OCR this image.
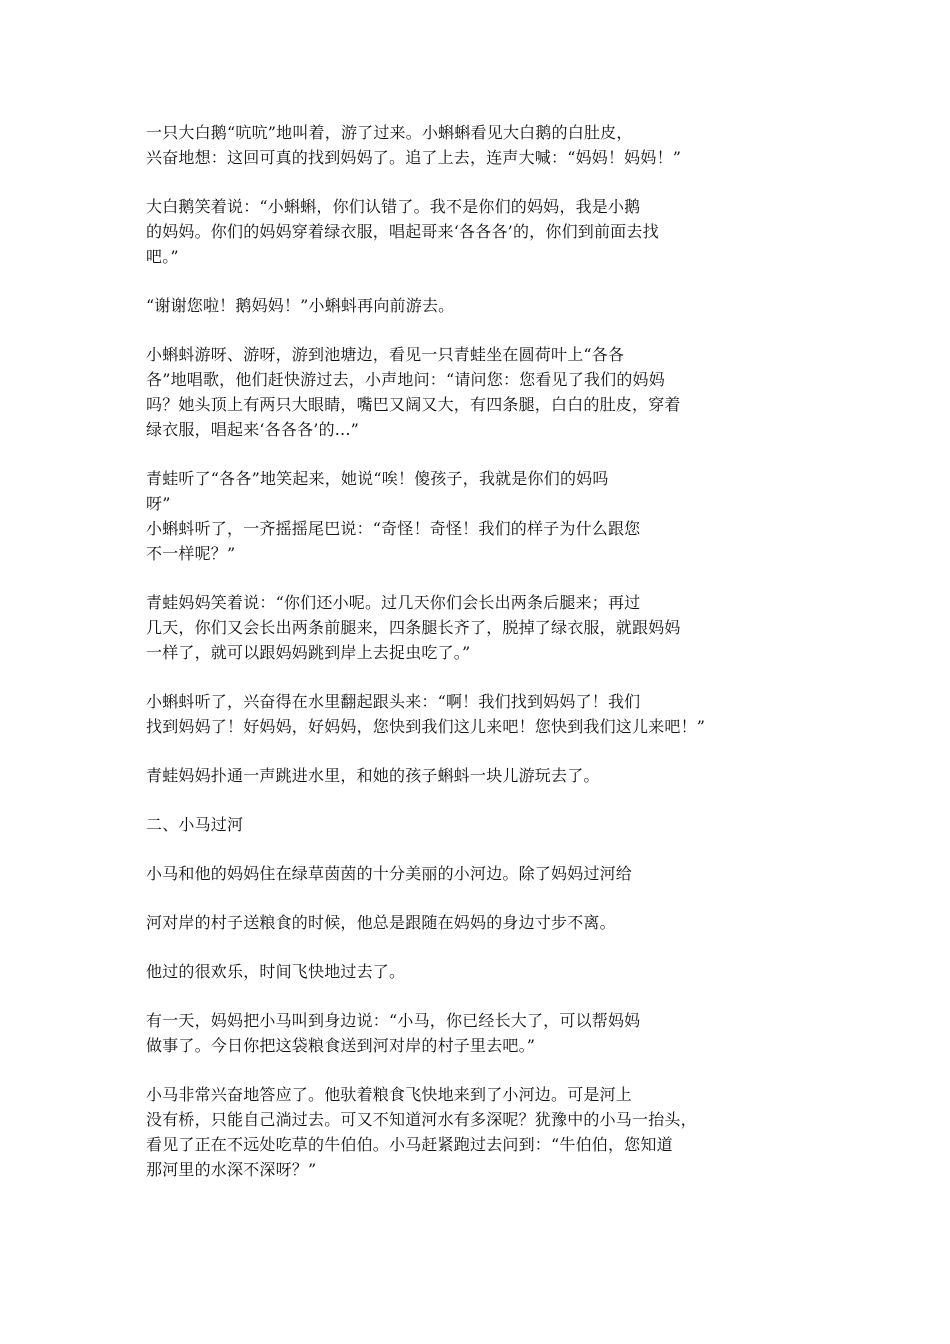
一只大白鹅“吭吭”地叫着，游了过来。小蝌蝌看见大白鹅的白肚皮，
兴奋地想：这回可真的找到妈妈了。追了上去，连声大喊：“妈妈！妈妈！”
大白鹅笑着说：“小蝌蝌，你们认错了。我不是你们的妈妈，我是小鹅
的妈妈。你们的妈妈穿着绿衣服，唱起哥来‘各各各’的，你们到前面去找
吧。”
“谢谢您啦！鹅妈妈！”小蝌蚪再向前游去。
小蝌蚪游呀、游呀，游到池塘边，看见一只青蛙坐在圆荷叶上“各各
各”地唱歌，他们赶快游过去，小声地问：“请问您：您看见了我们的妈妈
吗？她头顶上有两只大眼睛，嘴巴又阔又大，有四条腿，白白的肚皮，穿着
绿衣服，唱起来‘各各各’的...”
青蛙听了“各各”地笑起来，她说“唉！傻孩子，我就是你们的妈吗
呀”
小蝌蚪听了，一齐摇摇尾巴说：“奇怪！奇怪！我们的样子为什么跟您
不一样呢？”
青蛙妈妈笑着说：“你们还小呢。过几天你们会长出两条后腿来；再过
几天，你们又会长出两条前腿来，四条腿长齐了，脱掉了绿衣服，就跟妈妈
一样了，就可以跟妈妈跳到岸上去捉虫吃了。”
小蝌蚪听了，兴奋得在水里翻起跟头来：“啊！我们找到妈妈了！我们
找到妈妈了！好妈妈，好妈妈，您快到我们这儿来吧！您快到我们这儿来吧！”
青蛙妈妈扑通一声跳进水里，和她的孩子蝌蚪一块儿游玩去了。
二、小马过河
小马和他的妈妈住在绿草茵茵的十分美丽的小河边。除了妈妈过河给
河对岸的村子送粮食的时候，他总是跟随在妈妈的身边寸步不离。
他过的很欢乐，时间飞快地过去了。
有一天，妈妈把小马叫到身边说：“小马，你已经长大了，可以帮妈妈
做事了。今日你把这袋粮食送到河对岸的村子里去吧。”
小马非常兴奋地答应了。他驮着粮食飞快地来到了小河边。可是河上
没有桥，只能自己淌过去。可又不知道河水有多深呢？犹豫中的小马一抬头，
看见了正在不远处吃草的牛伯伯。小马赶紧跑过去问到：“牛伯伯，您知道
那河里的水深不深呀？”
